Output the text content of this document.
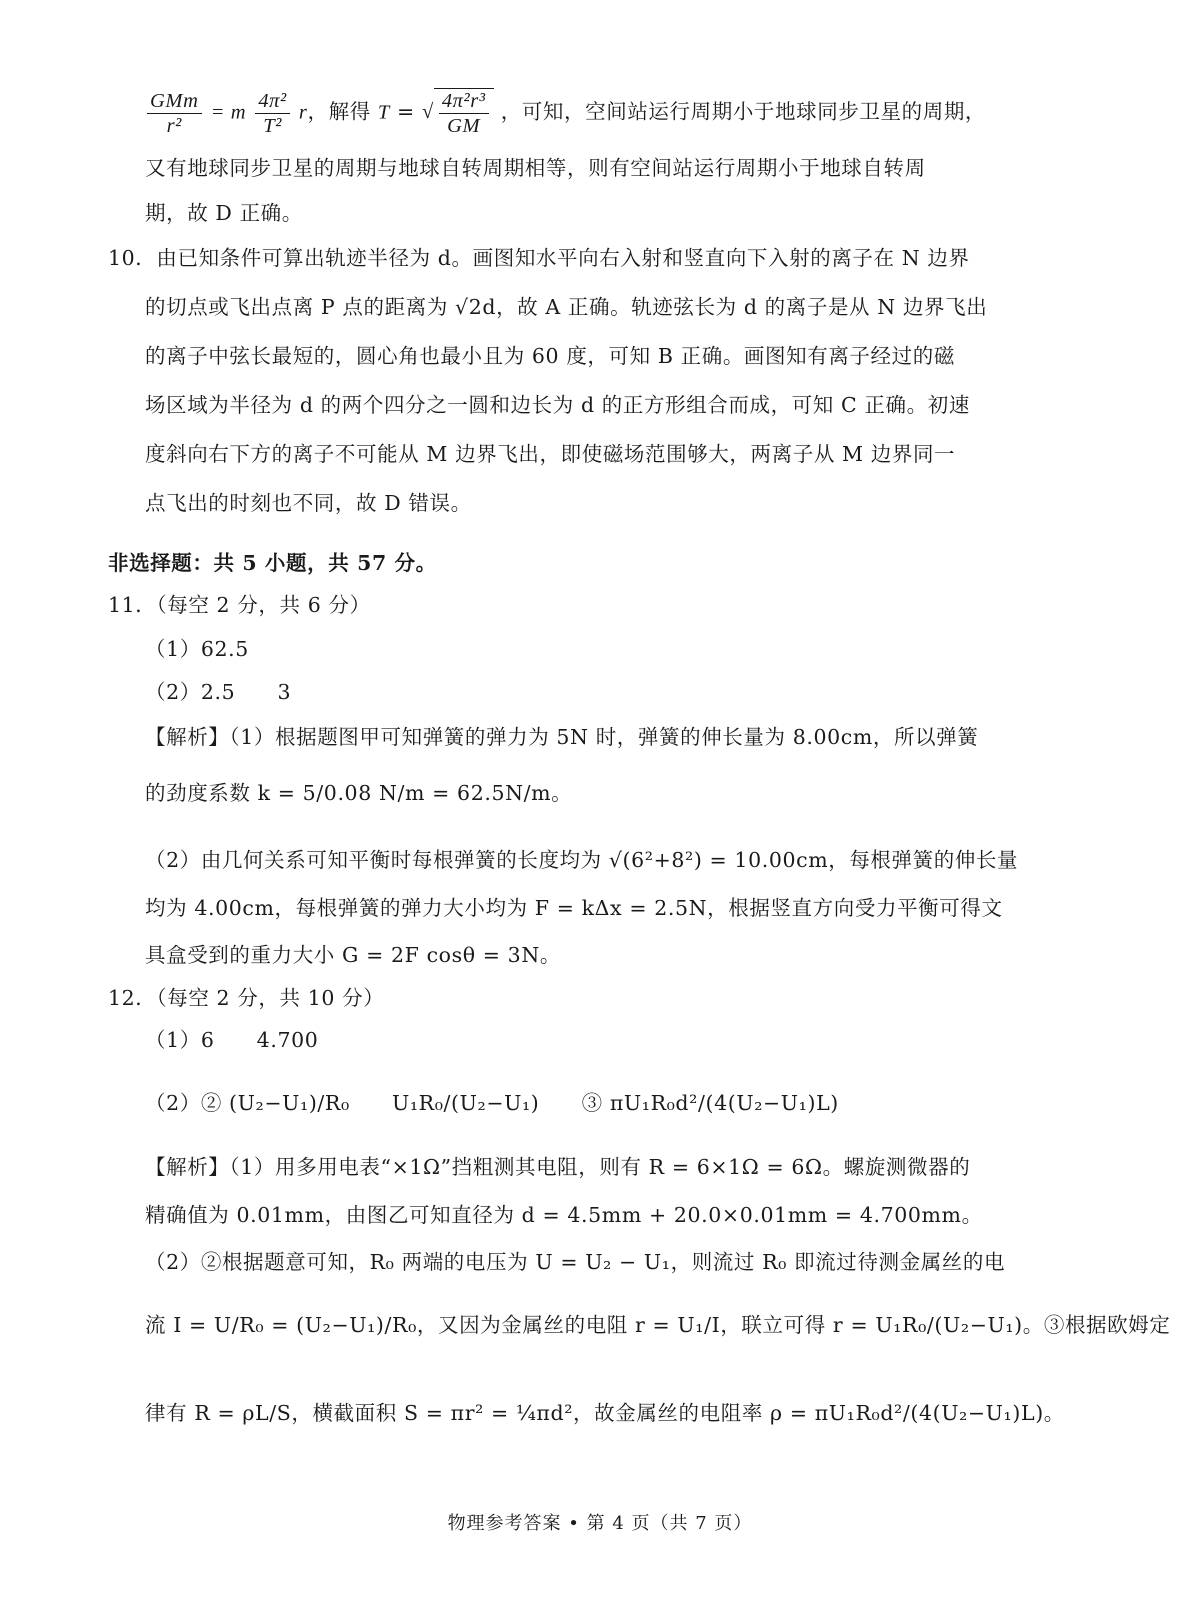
$\frac{\text{GMm}}{\text{r²}} = m \frac{\text{4π²}}{\text{T²}}$ r，解得 T = √ $\frac{\text{4π²r³}}{GM}$ ，可知，空间站运行周期小于地球同步卫星的周期，
又有地球同步卫星的周期与地球自转周期相等，则有空间站运行周期小于地球自转周
期，故 D 正确。
10．由已知条件可算出轨迹半径为 d。画图知水平向右入射和竖直向下入射的离子在 N 边界
的切点或飞出点离 P 点的距离为 √2d，故 A 正确。轨迹弦长为 d 的离子是从 N 边界飞出
的离子中弦长最短的，圆心角也最小且为 60 度，可知 B 正确。画图知有离子经过的磁
场区域为半径为 d 的两个四分之一圆和边长为 d 的正方形组合而成，可知 C 正确。初速
度斜向右下方的离子不可能从 M 边界飞出，即使磁场范围够大，两离子从 M 边界同一
点飞出的时刻也不同，故 D 错误。
非选择题：共 5 小题，共 57 分。
11．（每空 2 分，共 6 分）
（1）62.5
（2）2.5　　3
【解析】（1）根据题图甲可知弹簧的弹力为 5N 时，弹簧的伸长量为 8.00cm，所以弹簧
的劲度系数 k = 5/0.08 N/m = 62.5N/m。
（2）由几何关系可知平衡时每根弹簧的长度均为 √(6²+8²) = 10.00cm，每根弹簧的伸长量
均为 4.00cm，每根弹簧的弹力大小均为 F = kΔx = 2.5N，根据竖直方向受力平衡可得文
具盒受到的重力大小 G = 2F cosθ = 3N。
12．（每空 2 分，共 10 分）
（1）6　　4.700
（2）② (U₂−U₁)/R₀　　U₁R₀/(U₂−U₁)　　③ πU₁R₀d²/(4(U₂−U₁)L)
【解析】（1）用多用电表“×1Ω”挡粗测其电阻，则有 R = 6×1Ω = 6Ω。螺旋测微器的
精确值为 0.01mm，由图乙可知直径为 d = 4.5mm + 20.0×0.01mm = 4.700mm。
（2）②根据题意可知，R₀ 两端的电压为 U = U₂ − U₁，则流过 R₀ 即流过待测金属丝的电
流 I = U/R₀ = (U₂−U₁)/R₀，又因为金属丝的电阻 r = U₁/I，联立可得 r = U₁R₀/(U₂−U₁)。③根据欧姆定
律有 R = ρL/S，横截面积 S = πr² = ¼πd²，故金属丝的电阻率 ρ = πU₁R₀d²/(4(U₂−U₁)L)。
物理参考答案 • 第 4 页（共 7 页）
